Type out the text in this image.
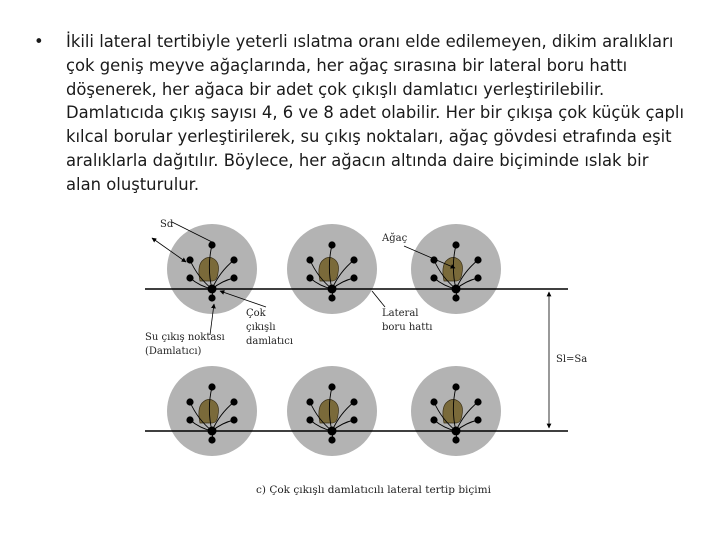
• İkili lateral tertibiyle yeterli ıslatma oranı elde edilemeyen, dikim aralıkları
çok geniş meyve ağaçlarında, her ağaç sırasına bir lateral boru hattı
döşenerek, her ağaca bir adet çok çıkışlı damlatıcı yerleştirilebilir.
Damlatıcıda çıkış sayısı 4, 6 ve 8 adet olabilir. Her bir çıkışa çok küçük çaplı
kılcal borular yerleştirilerek, su çıkış noktaları, ağaç gövdesi etrafında eşit
aralıklarla dağıtılır. Böylece, her ağacın altında daire biçiminde ıslak bir
alan oluşturulur.
Sd
Ağaç
Çok çıkışlı damlatıcı
Su çıkış noktası (Damlatıcı)
Lateral boru hattı
Sl=Sa
c) Çok çıkışlı damlatıcılı lateral tertip biçimi
